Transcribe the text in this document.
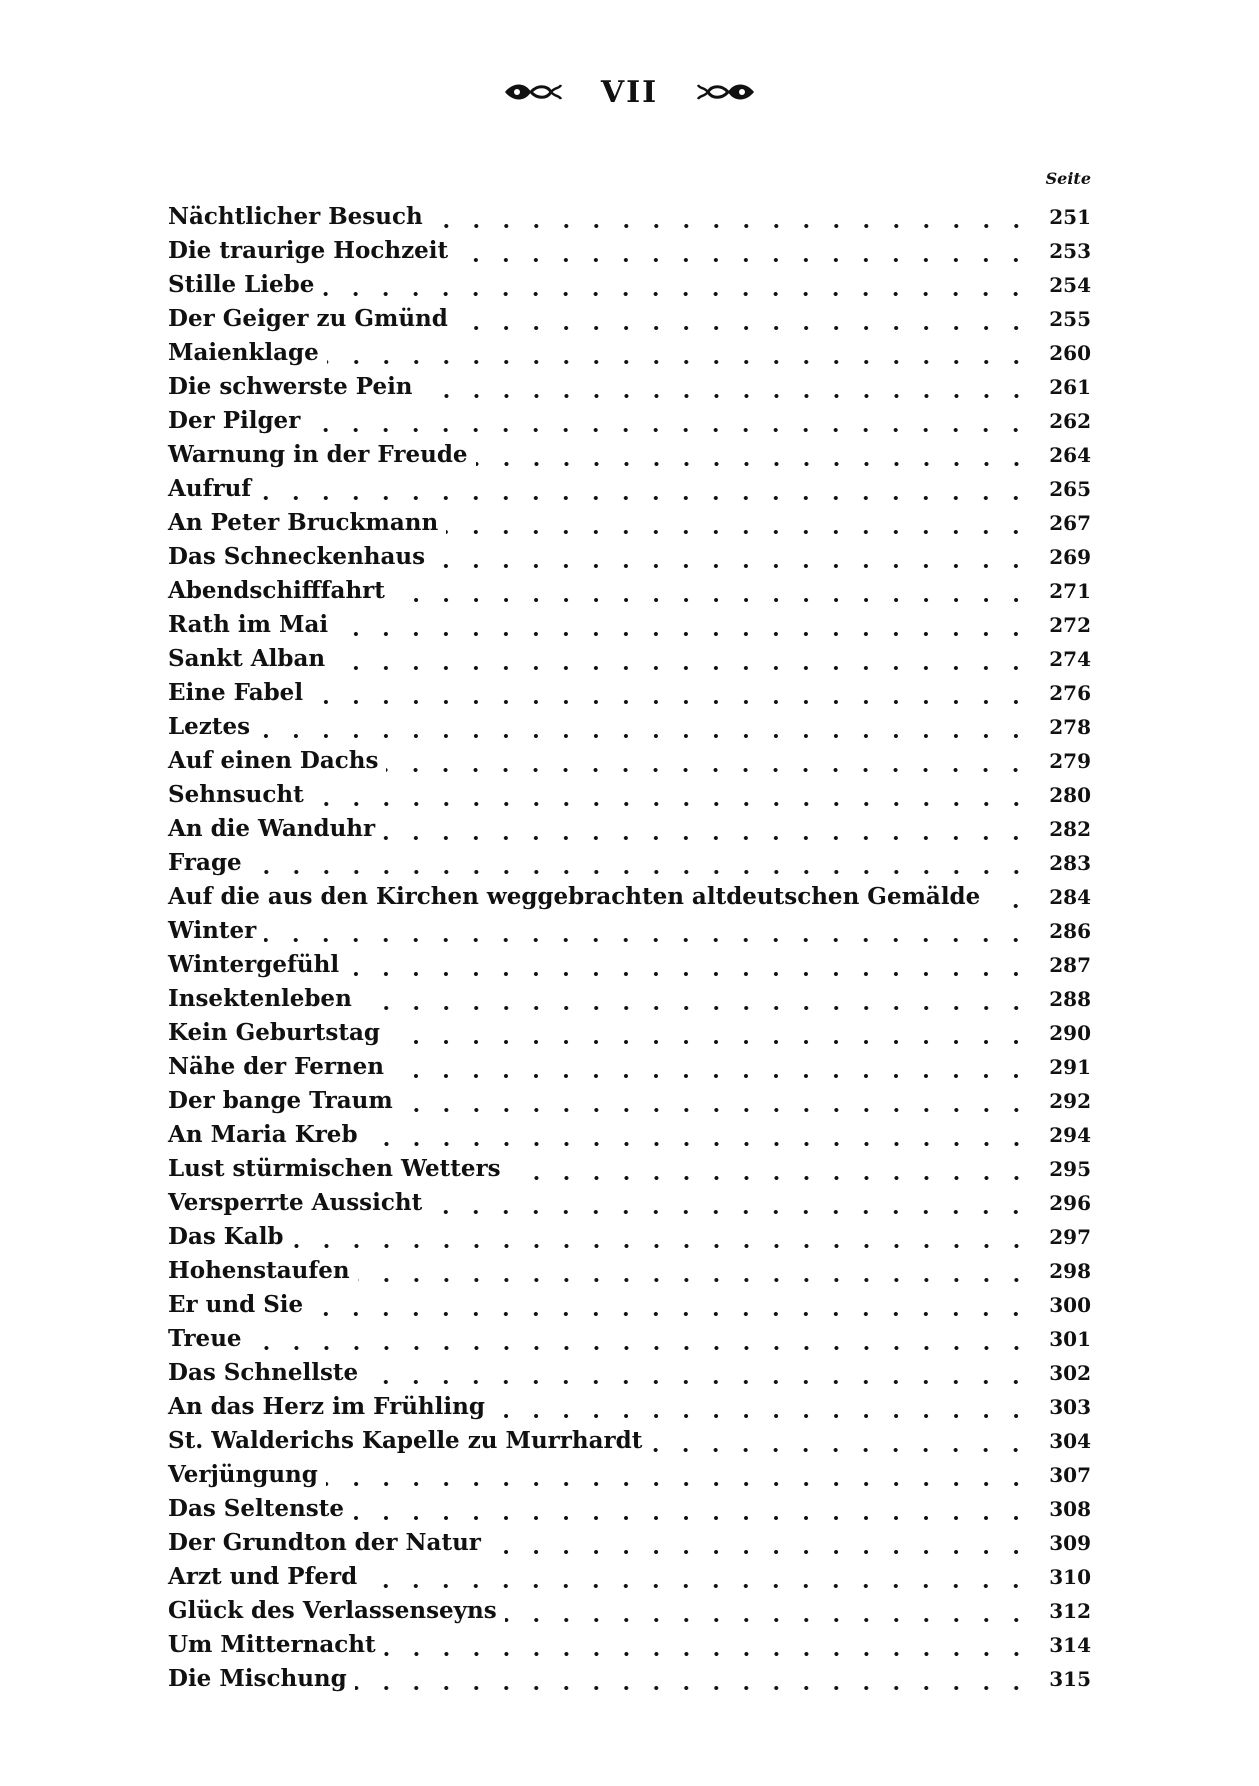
VII
Seite
Nächtlicher Besuch	251
Die traurige Hochzeit	253
Stille Liebe	254
Der Geiger zu Gmünd	255
Maienklage	260
Die schwerste Pein	261
Der Pilger	262
Warnung in der Freude	264
Aufruf	265
An Peter Bruckmann	267
Das Schneckenhaus	269
Abendschifffahrt	271
Rath im Mai	272
Sankt Alban	274
Eine Fabel	276
Leztes	278
Auf einen Dachs	279
Sehnsucht	280
An die Wanduhr	282
Frage	283
Auf die aus den Kirchen weggebrachten altdeutschen Gemälde	284
Winter	286
Wintergefühl	287
Insektenleben	288
Kein Geburtstag	290
Nähe der Fernen	291
Der bange Traum	292
An Maria Kreb	294
Lust stürmischen Wetters	295
Versperrte Aussicht	296
Das Kalb	297
Hohenstaufen	298
Er und Sie	300
Treue	301
Das Schnellste	302
An das Herz im Frühling	303
St. Walderichs Kapelle zu Murrhardt	304
Verjüngung	307
Das Seltenste	308
Der Grundton der Natur	309
Arzt und Pferd	310
Glück des Verlassenseyns	312
Um Mitternacht	314
Die Mischung	315
